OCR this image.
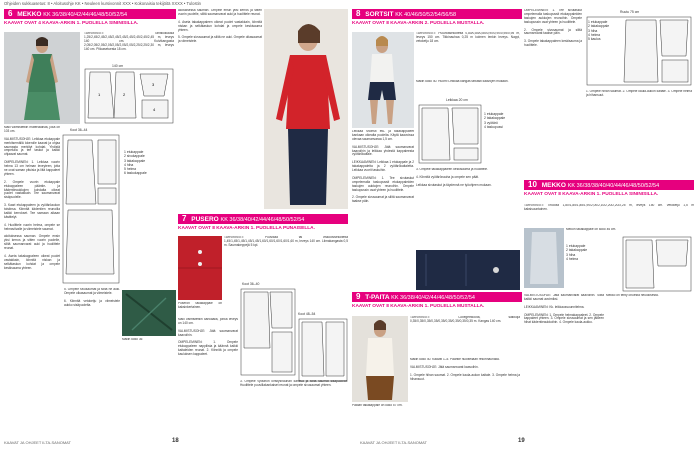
Ohjeiden sukkuasetus: 8 • Aloitusohje KK • Neuleen kursivonnit XXX • Kokonaisia tekijöitä XXXX • Tulostin
6 MEKKO KK 36/38/40/42/44/46/48/50/52/54
KAAVAT OVAT 4 KAAVA-ARKIN 1. PUOLELLA SININISILLÄ.
TARVIKKEET: Tähtikolkausa 1,25/2,45/2,45/2,45/2,45/2,45/2,45/2,45/2,45/2,45 m, leveys 140 cm. Kuivikangasta 2,05/2,05/2,05/2,05/2,05/2,05/2,05/2,25/2,25/2,30 m, leveys 140 cm. Piiloasetuesta 18 cm.
140 cm
1	2
3
4
Malli valmistettiin materiaalista, joka on 103 cm.

VALMISTUSOHJE: Leikkaa etukappale merkitsemällä lokerolle kaavat ja ohjaa saumasta merkityt kohdat. Yhdistä ompelulla ja tee taskut ja kaikki ohjaavat saumat.

OMPELEMINEN: 1. Leikkaa vuorin helma 13 cm helman leveyteen, jotta ne ovat saman pituisia ja liitä kappaleet yhteen.

2. Ompele vuorin etukappale etukappaleen pääntie- ja kädentieaukkojen kohdalta oikeat puolet vastakkain. Tee saumanvarat sisäpuolelle.

3. Kaari etukappaleen ja vyötäröaukon toisiinsa. Kiinnitä kädentien reunoilla kaikki kerrokset. Tee samaan aikaan käsittelyt.

4. Huolittele vuorin helma, ompele se helmaviivalle ja viimeistele saumat.

aloituksessa sauman. Ompele ensin yksi kerros ja sitten vuorin puolelle, silitä saumanvarat auki ja huolittele reunat.

4. Aseta takakappaleen oikeat puolet vastakkain, kiinnitä niskan ja selkätaskun kohdat ja ompele keskisauma yhteen.
Koot 36–44
1 etukappale
2 sivukappale
3 takakappale
4 hiha
5 helma
6 taskukappale
5. Ompele sivusaumat ja silitä ne auki. Ompele olkasaumat ja viimeistele.

6. Kiinnitä vetoketju ja viimeistele aukko sisäpuolelta.
Mallin koko 36
7 PUSERO KK 36/38/40/42/44/46/48/50/52/54
KAAVAT OVAT 8 KAAVA-ARKIN 1. PUOLELLA PUNAISELLA.
aloituksessa sauman. Ompele ensin yksi kerros ja sitten vuorin puolelle, silitä saumanvarat auki ja huolittele reunat.

4. Aseta takakappaleen oikeat puolet vastakkain, kiinnitä niskan ja selkätaskun kohdat ja ompele keskisauma yhteen.

5. Ompele sivusaumat ja silitä ne auki. Ompele olkasaumat ja viimeistele.
TARVIKKEET: Puuvillaa tai viskoosisekoitetta 1,45/1,45/1,45/1,45/1,45/1,60/1,60/1,60/1,60/1,60 m, leveys 140 cm. Liimakangasta 0,5 m. Saumakeppejä 5 kpl.
Puseron takakappale on kaksinkertainen.
Malli valmistettiin kankaalla, jonka leveys on 140 cm.

VALMISTUSOHJE: Jätä saumanvarat kaavoihin.

OMPELEMINEN: 1. Ompele etukappaleen nappilista ja käännä kaikki kaitaleiden reunat. 2. Kiinnitä ja ompele kauluksen kappaleet.
Koot 36–40
Koot 48–54
3. Ompele vyötärön kiristysnauhan kanava ja silitä saumat sisäpuolelle. Huolittele puuvillakankaiset reunat ja ompele sivusaumat yhteen.
8 SORTSIT KK 40/46/50/52/54/56/58
KAAVAT OVAT 8 KAAVA-ARKIN 2. PUOLELLA MUSTALLA.
TARVIKKEET: Puuvillasekoitetta 0,80/0,85/0,85/0,90/0,90/0,95/0,95 m, leveys 150 cm. Tikkinauhaa 0,25 m kolmen lenkin leveys. Nappi, vetoketju 18 cm.
Mallin koko 40. Huom! Leikkaa kangas tarkasti kaavojen mukaan.
Leikkaa shortsit etu- ja takakappaleet kankaan oikealta puolelta. Käytä kaavoissa olevaa saumanvaraa 1,5 cm.

VALMISTUSOHJE: Jätä saumanvarat kaavoihin ja leikkaa yhdestä kappaleesta vyötärökaitale.

LEIKKAAMINEN: Leikkaa 1 etukappale ja 2 takakappaletta ja 2 vyötärökaitaletta. Leikkaa vuorit taskuihin.

OMPELEMINEN: 1. Tee sivutaskut ompelemalla taskupussit etukappaleiden taskujen aukkojen reunoihin. Ompele taskupussin osat yhteen ja huolittele.

2. Ompele sivusaumat ja silitä saumanvarat taakse päin.
Leikkaa 20 cm
1 etukappale
2 takakappale
3 vyötärö
4 taskupussi
3. Ompele takakappaleen keskisauma ja huolittele.

4. Kiinnitä vyötärönauha ja ompele sen päät.

Leikkaa sivutaskut ja täydennä ne työohjeen mukaan.
9 T-PAITA KK 36/38/40/42/44/46/48/50/52/54
KAAVAT OVAT 8 KAAVA-ARKIN 1. PUOLELLA MUSTALLA.
Paidan takakappale on koko 57 cm.
TARVIKKEET: Collegetrikoota, saikkoja 0,35/0,35/0,35/0,35/0,35/0,35/0,35/0,35/0,35 m. Kangas 140 cm.
Mallin koko 40. Kaavat 1–5. Pääntie huolitellaan resorinauhalla.

VALMISTUSOHJE: Jätä saumanvarat kaavoihin.

1. Ompele hihan saumat. 2. Ompele kaula-aukon kaitale. 3. Ompele helma ja hihansuut.
OMPELEMINEN: 1. Tee sivutaskut ompelemalla taskupussit etukappaleiden taskujen aukkojen reunoihin. Ompele taskupussin osat yhteen ja huolittele.

2. Ompele sivusaumat ja silitä saumanvarat taakse päin.

3. Ompele takakappaleen keskisauma ja huolittele.
Ruutu 75 cm
1 etukappale
2 takakappale
3 hiha
4 helma
5 kaulus
1. Ompele hihan saumat. 2. Ompele kaula-aukon kaitale. 3. Ompele helma ja hihansuut.
10 MEKKO KK 36/38/38/40/40/44/46/48/50/52/54
KAAVAT OVAT 8 KAAVA-ARKIN 1. PUOLELLA SININISILLÄ.
TARVIKKEET: Trikoota 1,80/1,85/1,85/1,90/2,00/2,10/2,20/2,20/2,25 m, leveys 150 cm. Vetoketju 1,5 m kaksisuuntainen.
Mekon takakappale on koko 46 cm.
1 etukappale
2 takakappale
3 hiha
4 helma
VALMISTUSOHJE: Jätä saumanvarat kaavoihin. Silitä kaikki saumat avoimiksi.

LEIKKAAMINEN: Kk. leikkaussuunnitelma.

OMPELEMINEN: 1. Ompele helmakappaleet. 2. Ompele kappaleet yhteen. 3. Ompele sivusaumat ja sen jälkeen hihat kädentieaukkoihin. 4. Ompele kaula-aukko.
Mekko on tehty ohuesta neuloksesta.
18
KAAVAT JA OHJEET ILTA-SANOMAT	19
KAAVAT JA OHJEET ILTA-SANOMAT
